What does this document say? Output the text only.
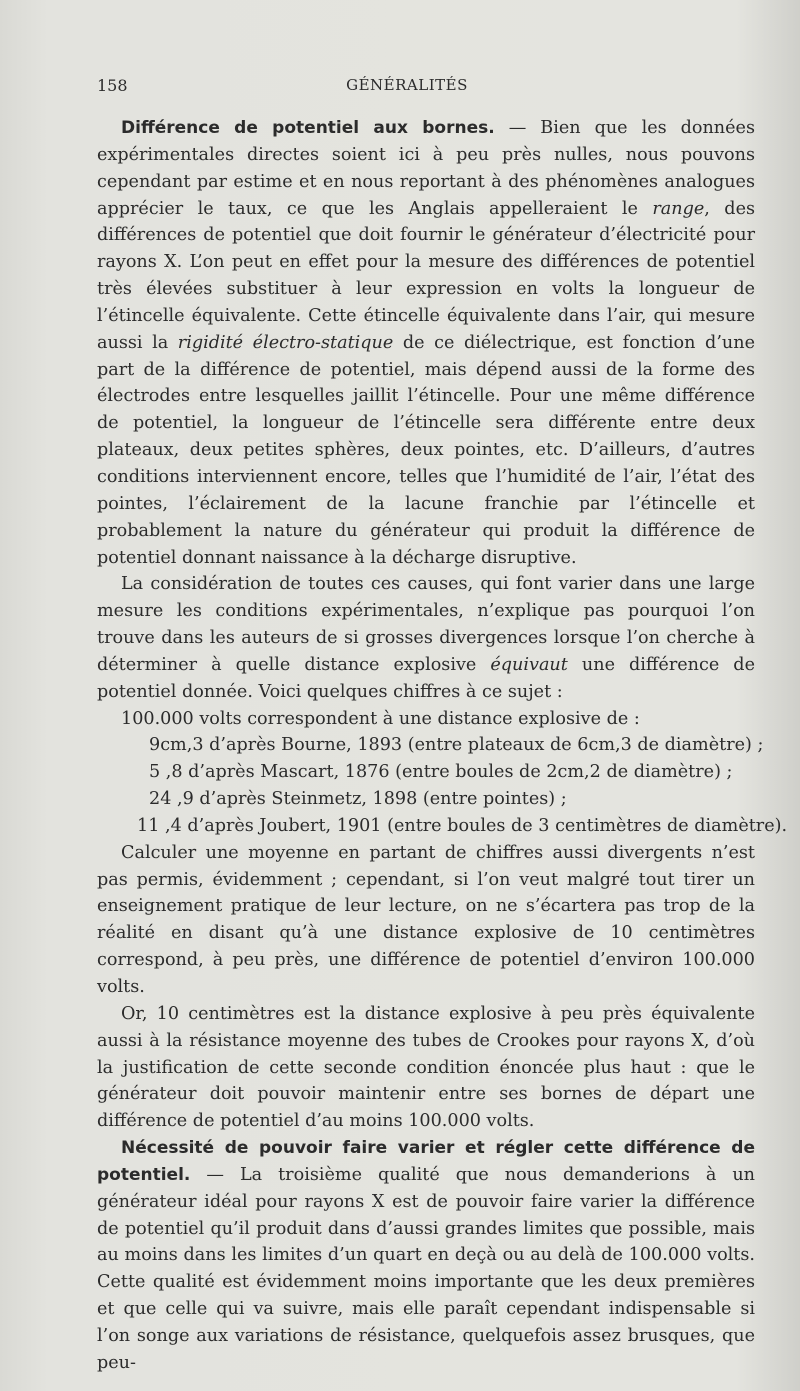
158	GÉNÉRALITÉS

Différence de potentiel aux bornes. — Bien que les données expérimentales directes soient ici à peu près nulles, nous pouvons cependant par estime et en nous reportant à des phénomènes analogues apprécier le taux, ce que les Anglais appelleraient le range, des différences de potentiel que doit fournir le générateur d’électricité pour rayons X. L’on peut en effet pour la mesure des différences de potentiel très élevées substituer à leur expression en volts la longueur de l’étincelle équivalente. Cette étincelle équivalente dans l’air, qui mesure aussi la rigidité électro-statique de ce diélectrique, est fonction d’une part de la différence de potentiel, mais dépend aussi de la forme des électrodes entre lesquelles jaillit l’étincelle. Pour une même différence de potentiel, la longueur de l’étincelle sera différente entre deux plateaux, deux petites sphères, deux pointes, etc. D’ailleurs, d’autres conditions interviennent encore, telles que l’humidité de l’air, l’état des pointes, l’éclairement de la lacune franchie par l’étincelle et probablement la nature du générateur qui produit la différence de potentiel donnant naissance à la décharge disruptive.

La considération de toutes ces causes, qui font varier dans une large mesure les conditions expérimentales, n’explique pas pourquoi l’on trouve dans les auteurs de si grosses divergences lorsque l’on cherche à déterminer à quelle distance explosive équivaut une différence de potentiel donnée. Voici quelques chiffres à ce sujet :

100.000 volts correspondent à une distance explosive de :

9cm,3 d’après Bourne, 1893 (entre plateaux de 6cm,3 de diamètre) ;

5 ,8 d’après Mascart, 1876 (entre boules de 2cm,2 de diamètre) ;

24 ,9 d’après Steinmetz, 1898 (entre pointes) ;

11 ,4 d’après Joubert, 1901 (entre boules de 3 centimètres de diamètre).

Calculer une moyenne en partant de chiffres aussi divergents n’est pas permis, évidemment ; cependant, si l’on veut malgré tout tirer un enseignement pratique de leur lecture, on ne s’écartera pas trop de la réalité en disant qu’à une distance explosive de 10 centimètres correspond, à peu près, une différence de potentiel d’environ 100.000 volts.

Or, 10 centimètres est la distance explosive à peu près équivalente aussi à la résistance moyenne des tubes de Crookes pour rayons X, d’où la justification de cette seconde condition énoncée plus haut : que le générateur doit pouvoir maintenir entre ses bornes de départ une différence de potentiel d’au moins 100.000 volts.

Nécessité de pouvoir faire varier et régler cette différence de potentiel. — La troisième qualité que nous demanderions à un générateur idéal pour rayons X est de pouvoir faire varier la différence de potentiel qu’il produit dans d’aussi grandes limites que possible, mais au moins dans les limites d’un quart en deçà ou au delà de 100.000 volts. Cette qualité est évidemment moins importante que les deux premières et que celle qui va suivre, mais elle paraît cependant indispensable si l’on songe aux variations de résistance, quelquefois assez brusques, que peu-
